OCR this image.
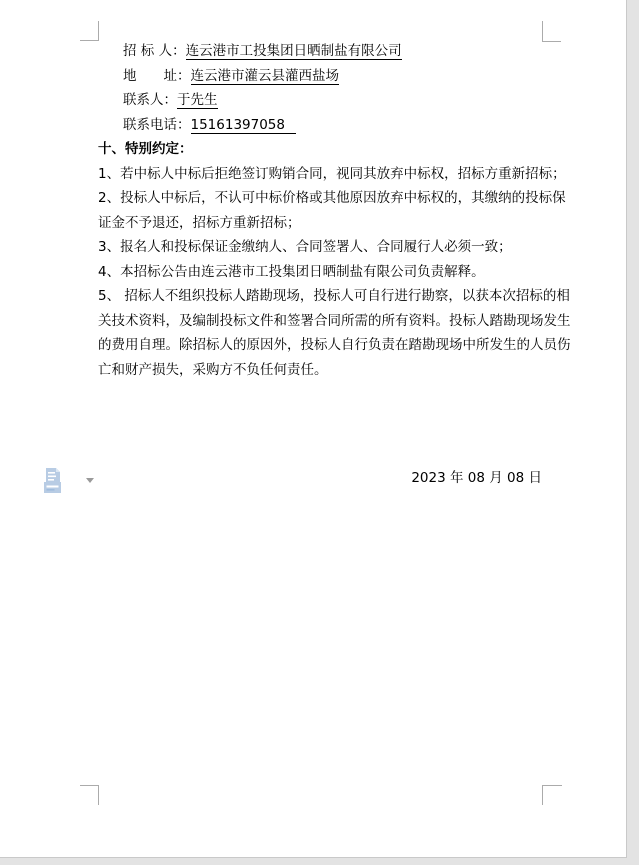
招 标 人：连云港市工投集团日晒制盐有限公司
地　　址：连云港市灌云县灌西盐场
联系人：于先生
联系电话：15161397058
十、特别约定：
1、若中标人中标后拒绝签订购销合同，视同其放弃中标权，招标方重新招标；
2、投标人中标后，不认可中标价格或其他原因放弃中标权的，其缴纳的投标保
证金不予退还，招标方重新招标；
3、报名人和投标保证金缴纳人、合同签署人、合同履行人必须一致；
4、本招标公告由连云港市工投集团日晒制盐有限公司负责解释。
5、 招标人不组织投标人踏勘现场，投标人可自行进行勘察，以获本次招标的相
关技术资料，及编制投标文件和签署合同所需的所有资料。投标人踏勘现场发生
的费用自理。除招标人的原因外，投标人自行负责在踏勘现场中所发生的人员伤
亡和财产损失，采购方不负任何责任。
2023 年 08 月 08 日
